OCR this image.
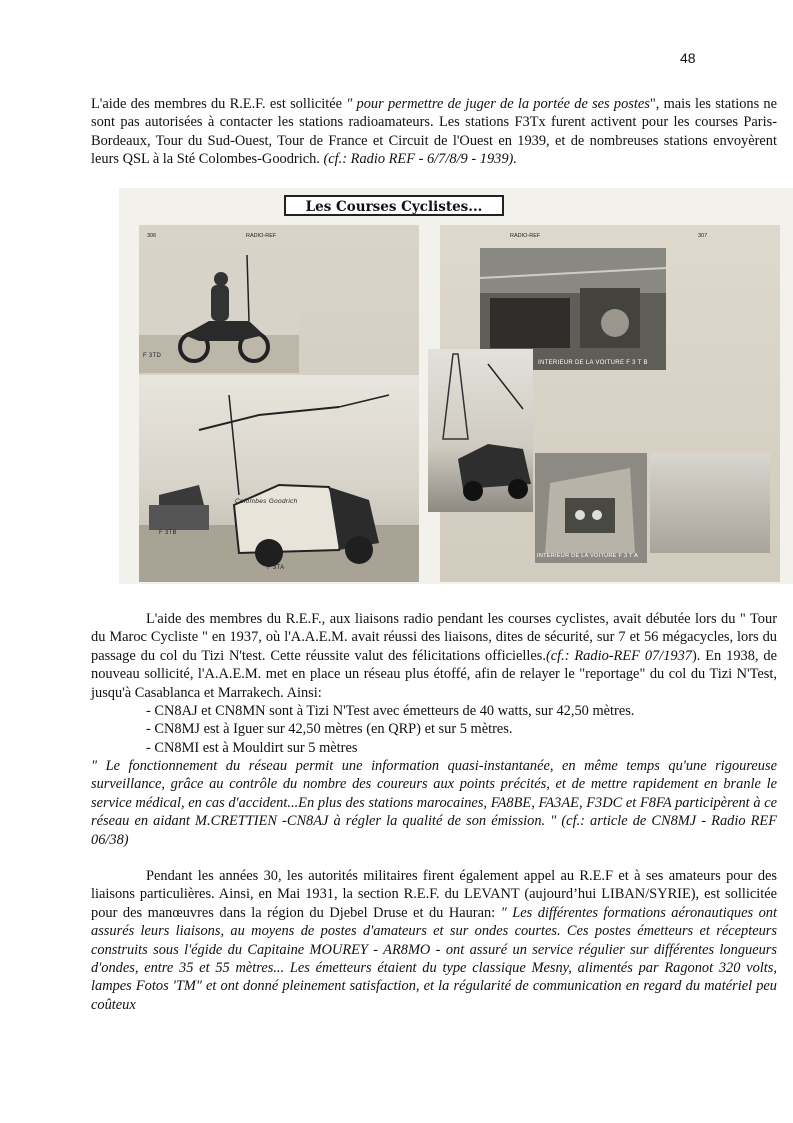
48

L'aide des membres du R.E.F. est sollicitée " pour permettre de juger de la portée de ses postes", mais les stations ne sont pas autorisées à contacter les stations radioamateurs. Les stations F3Tx furent activent pour les courses Paris-Bordeaux, Tour du Sud-Ouest, Tour de France et Circuit de l'Ouest en 1939, et de nombreuses stations envoyèrent leurs QSL à la Sté Colombes-Goodrich. (cf.: Radio REF - 6/7/8/9 - 1939).

Les Courses Cyclistes...
306	RADIO-REF
F 3TD
Colombes Goodrich
F 3TB
F 3TA
RADIO-REF	307
INTERIEUR DE LA VOITURE F 3 T B
INTERIEUR DE LA VOITURE F 3 T A

L'aide des membres du R.E.F., aux liaisons radio pendant les courses cyclistes, avait débutée lors du " Tour du Maroc Cycliste " en 1937, où l'A.A.E.M. avait réussi des liaisons, dites de sécurité, sur 7 et 56 mégacycles, lors du passage du col du Tizi N'test. Cette réussite valut des félicitations officielles.(cf.: Radio-REF 07/1937). En 1938, de nouveau sollicité, l'A.A.E.M. met en place un réseau plus étoffé, afin de relayer le "reportage" du col du Tizi N'Test, jusqu'à Casablanca et Marrakech. Ainsi:

- CN8AJ et CN8MN sont à Tizi N'Test avec émetteurs de 40 watts, sur 42,50 mètres.
- CN8MJ est à Iguer sur 42,50 mètres (en QRP) et sur 5 mètres.
- CN8MI est à Mouldirt sur 5 mètres

" Le fonctionnement du réseau permit une information quasi-instantanée, en même temps qu'une rigoureuse surveillance, grâce au contrôle du nombre des coureurs aux points précités, et de mettre rapidement en branle le service médical, en cas d'accident...En plus des stations marocaines, FA8BE, FA3AE, F3DC et F8FA participèrent à ce réseau en aidant M.CRETTIEN -CN8AJ à régler la qualité de son émission. " (cf.: article de CN8MJ - Radio REF 06/38)

Pendant les années 30, les autorités militaires firent également appel au R.E.F et à ses amateurs pour des liaisons particulières. Ainsi, en Mai 1931, la section R.E.F. du LEVANT (aujourd’hui LIBAN/SYRIE), est sollicitée pour des manœuvres dans la région du Djebel Druse et du Hauran: " Les différentes formations aéronautiques ont assurés leurs liaisons, au moyens de postes d'amateurs et sur ondes courtes. Ces postes émetteurs et récepteurs construits sous l'égide du Capitaine MOUREY - AR8MO - ont assuré un service régulier sur différentes longueurs d'ondes, entre 35 et 55 mètres... Les émetteurs étaient du type classique Mesny, alimentés par Ragonot 320 volts, lampes Fotos 'TM" et ont donné pleinement satisfaction, et la régularité de communication en regard du matériel peu coûteux
